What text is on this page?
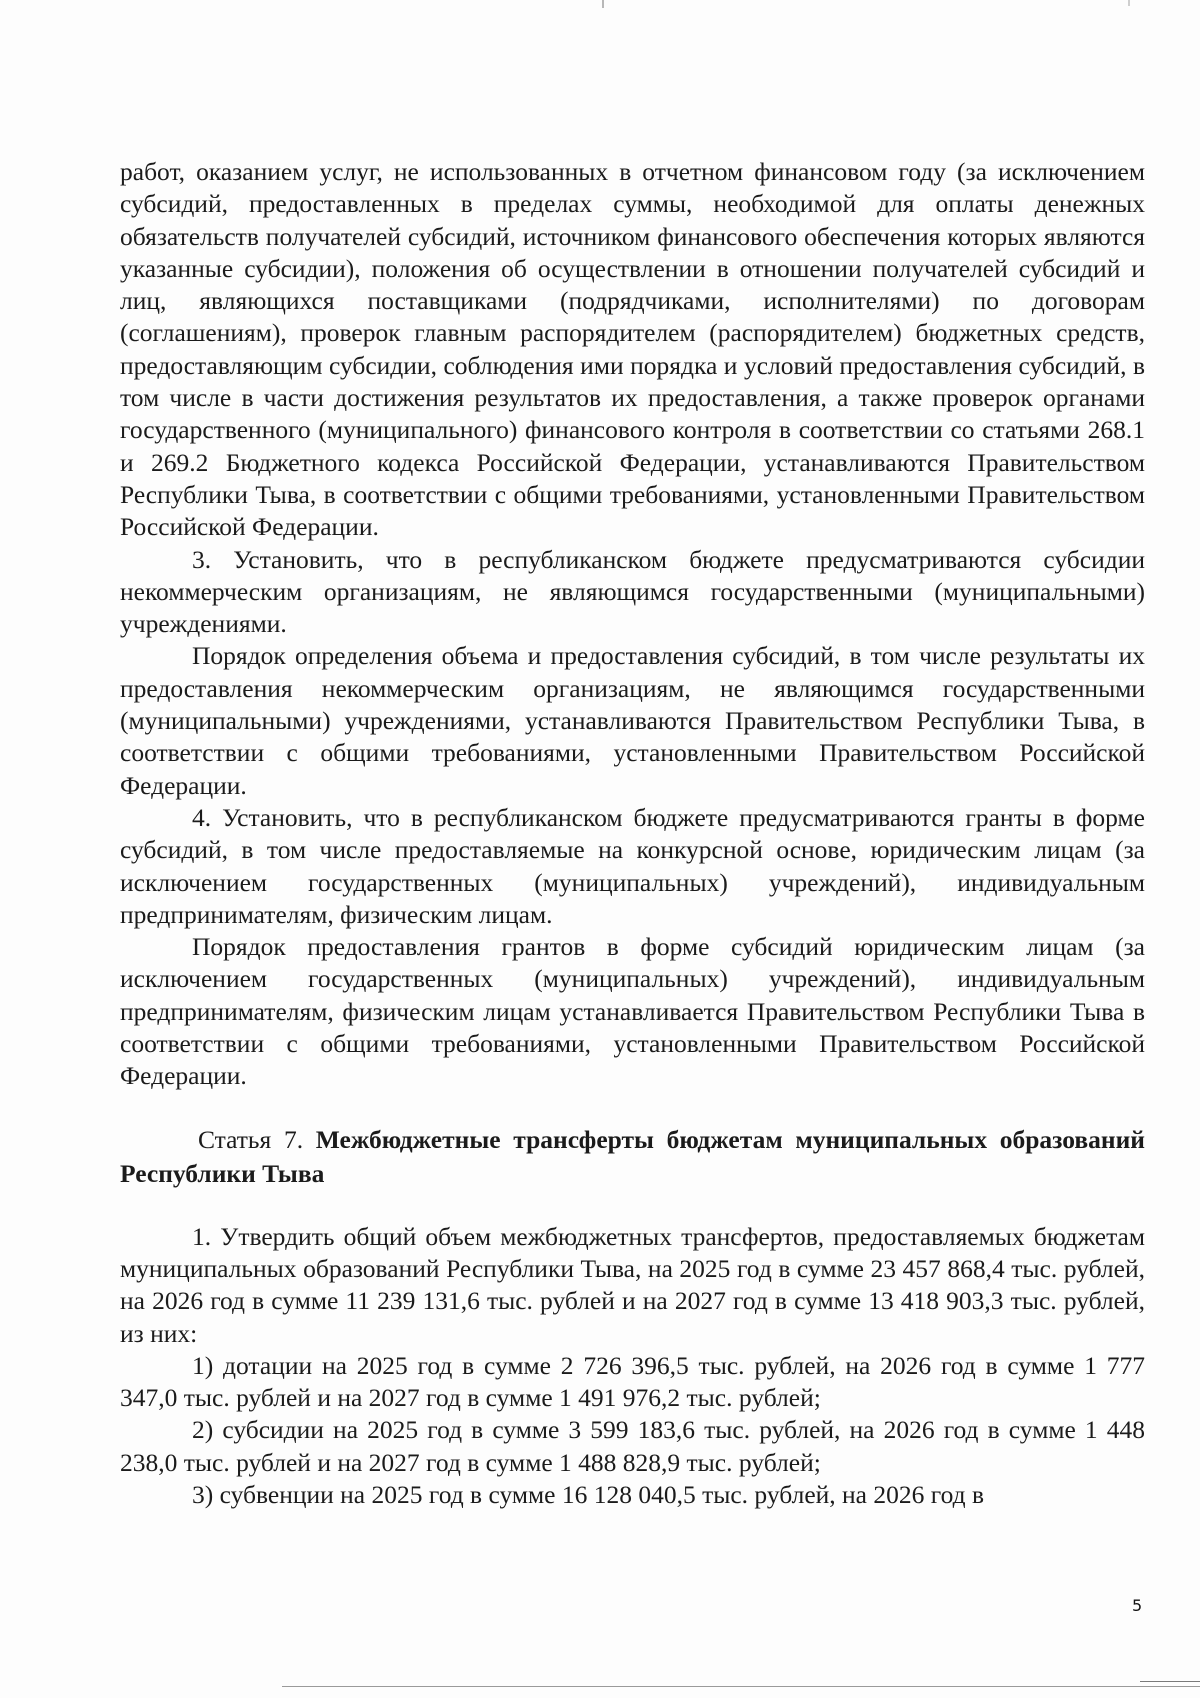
работ, оказанием услуг, не использованных в отчетном финансовом году (за исключением субсидий, предоставленных в пределах суммы, необходимой для оплаты денежных обязательств получателей субсидий, источником финансового обеспечения которых являются указанные субсидии), положения об осуществлении в отношении получателей субсидий и лиц, являющихся поставщиками (подрядчиками, исполнителями) по договорам (соглашениям), проверок главным распорядителем (распорядителем) бюджетных средств, предоставляющим субсидии, соблюдения ими порядка и условий предоставления субсидий, в том числе в части достижения результатов их предоставления, а также проверок органами государственного (муниципального) финансового контроля в соответствии со статьями 268.1 и 269.2 Бюджетного кодекса Российской Федерации, устанавливаются Правительством Республики Тыва, в соответствии с общими требованиями, установленными Правительством Российской Федерации.

3. Установить, что в республиканском бюджете предусматриваются субсидии некоммерческим организациям, не являющимся государственными (муниципальными) учреждениями.

Порядок определения объема и предоставления субсидий, в том числе результаты их предоставления некоммерческим организациям, не являющимся государственными (муниципальными) учреждениями, устанавливаются Правительством Республики Тыва, в соответствии с общими требованиями, установленными Правительством Российской Федерации.

4. Установить, что в республиканском бюджете предусматриваются гранты в форме субсидий, в том числе предоставляемые на конкурсной основе, юридическим лицам (за исключением государственных (муниципальных) учреждений), индивидуальным предпринимателям, физическим лицам.

Порядок предоставления грантов в форме субсидий юридическим лицам (за исключением государственных (муниципальных) учреждений), индивидуальным предпринимателям, физическим лицам устанавливается Правительством Республики Тыва в соответствии с общими требованиями, установленными Правительством Российской Федерации.

Статья 7. Межбюджетные трансферты бюджетам муниципальных образований Республики Тыва

1. Утвердить общий объем межбюджетных трансфертов, предоставляемых бюджетам муниципальных образований Республики Тыва, на 2025 год в сумме 23 457 868,4 тыс. рублей, на 2026 год в сумме 11 239 131,6 тыс. рублей и на 2027 год в сумме 13 418 903,3 тыс. рублей, из них:

1) дотации на 2025 год в сумме 2 726 396,5 тыс. рублей, на 2026 год в сумме 1 777 347,0 тыс. рублей и на 2027 год в сумме 1 491 976,2 тыс. рублей;

2) субсидии на 2025 год в сумме 3 599 183,6 тыс. рублей, на 2026 год в сумме 1 448 238,0 тыс. рублей и на 2027 год в сумме 1 488 828,9 тыс. рублей;

3) субвенции на 2025 год в сумме 16 128 040,5 тыс. рублей, на 2026 год в

5
